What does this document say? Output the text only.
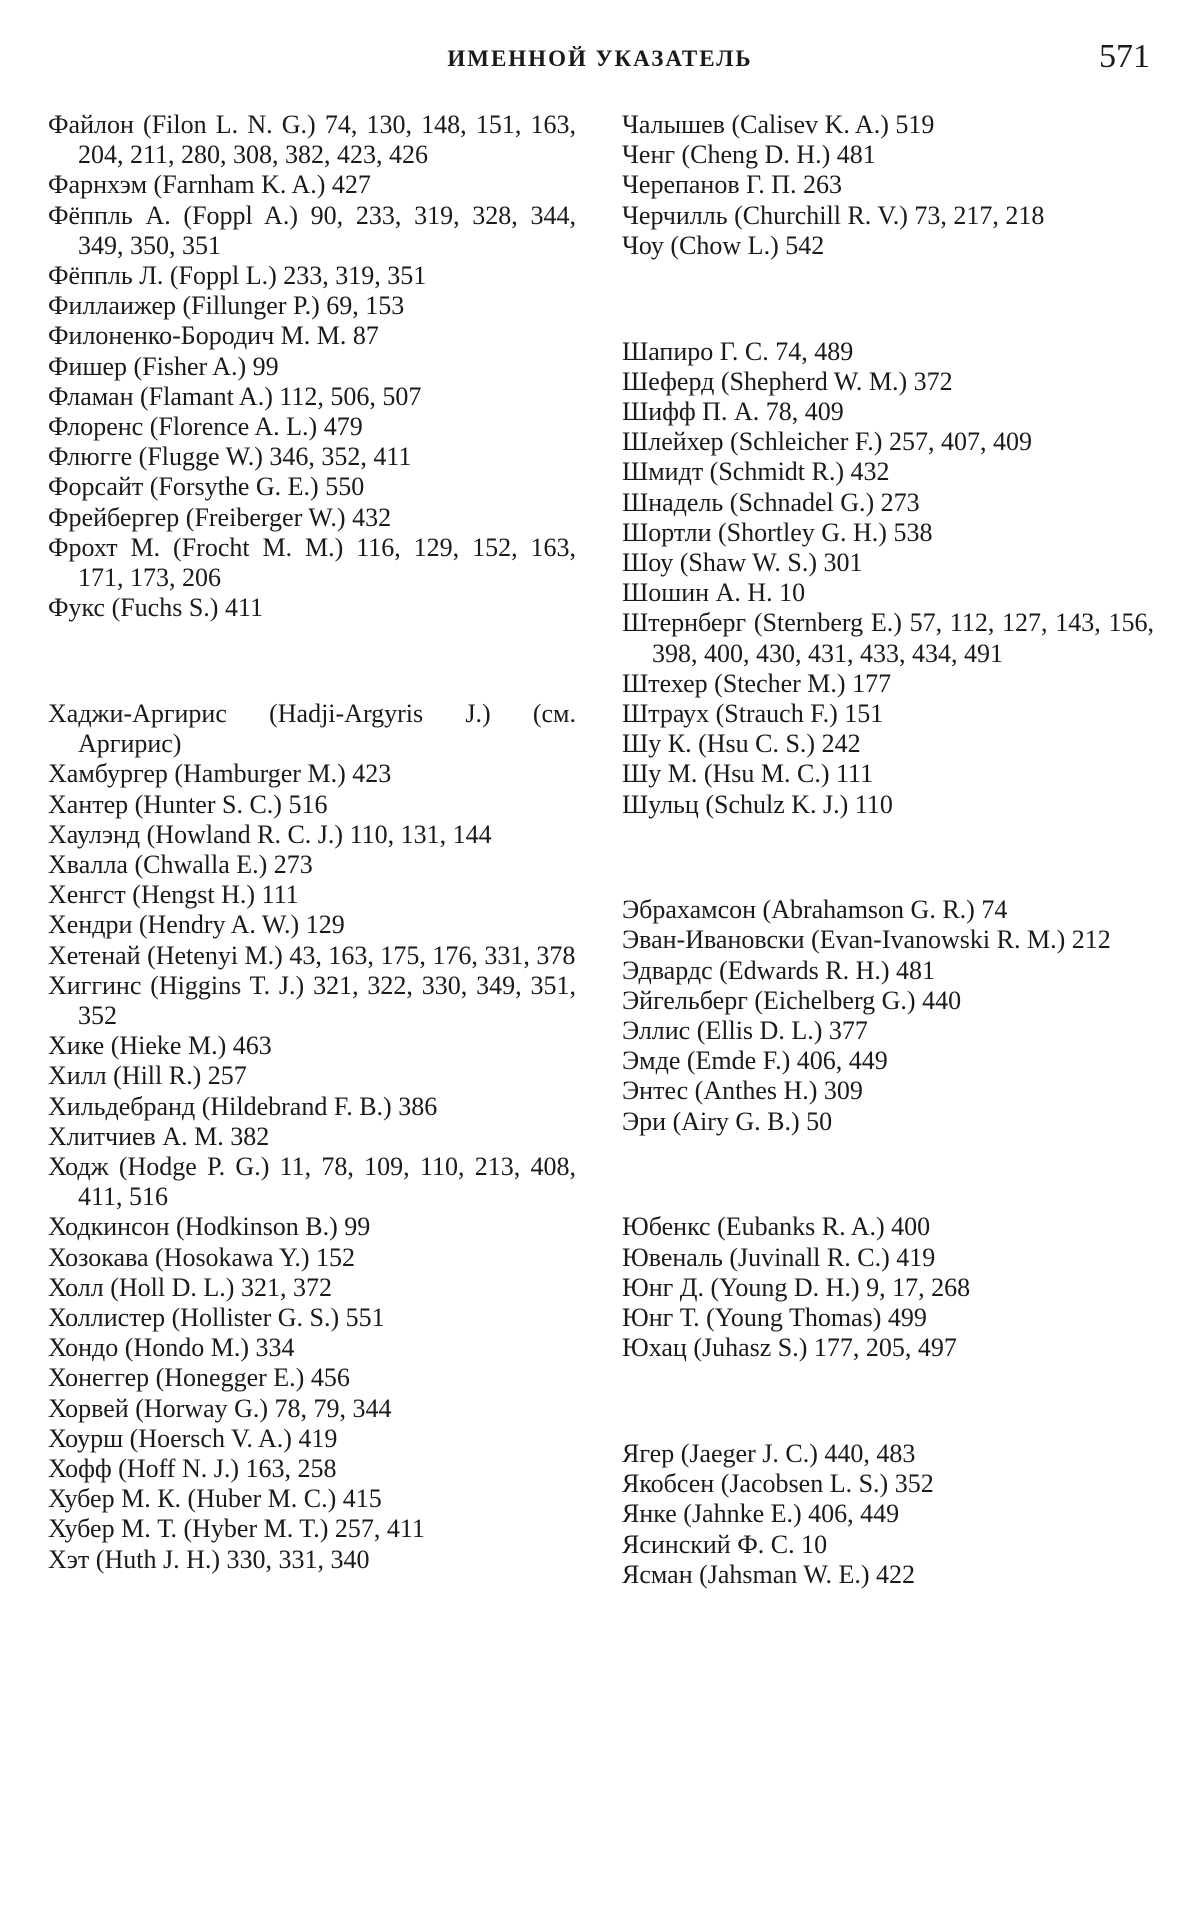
ИМЕННОЙ УКАЗАТЕЛЬ	571
Файлон (Filon L. N. G.) 74, 130, 148, 151, 163, 204, 211, 280, 308, 382, 423, 426
Фарнхэм (Farnham K. A.) 427
Фёппль А. (Foppl A.) 90, 233, 319, 328, 344, 349, 350, 351
Фёппль Л. (Foppl L.) 233, 319, 351
Филлаижер (Fillunger P.) 69, 153
Филоненко-Бородич М. М. 87
Фишер (Fisher A.) 99
Фламан (Flamant A.) 112, 506, 507
Флоренс (Florence A. L.) 479
Флюгге (Flugge W.) 346, 352, 411
Форсайт (Forsythe G. E.) 550
Фрейбергер (Freiberger W.) 432
Фрохт М. (Frocht M. M.) 116, 129, 152, 163, 171, 173, 206
Фукс (Fuchs S.) 411
Хаджи-Аргирис (Hadji-Argyris J.) (см. Аргирис)
Хамбургер (Hamburger M.) 423
Хантер (Hunter S. C.) 516
Хаулэнд (Howland R. C. J.) 110, 131, 144
Хвалла (Chwalla E.) 273
Хенгст (Hengst H.) 111
Хендри (Hendry A. W.) 129
Хетенай (Hetenyi M.) 43, 163, 175, 176, 331, 378
Хиггинс (Higgins T. J.) 321, 322, 330, 349, 351, 352
Хике (Hieke M.) 463
Хилл (Hill R.) 257
Хильдебранд (Hildebrand F. B.) 386
Хлитчиев А. М. 382
Ходж (Hodge P. G.) 11, 78, 109, 110, 213, 408, 411, 516
Ходкинсон (Hodkinson B.) 99
Хозокава (Hosokawa Y.) 152
Холл (Holl D. L.) 321, 372
Холлистер (Hollister G. S.) 551
Хондо (Hondo M.) 334
Хонеггер (Honegger E.) 456
Хорвей (Horway G.) 78, 79, 344
Хоурш (Hoersch V. A.) 419
Хофф (Hoff N. J.) 163, 258
Хубер М. К. (Huber M. C.) 415
Хубер М. Т. (Hyber M. T.) 257, 411
Хэт (Huth J. H.) 330, 331, 340
Чалышев (Calisev K. A.) 519
Ченг (Cheng D. H.) 481
Черепанов Г. П. 263
Черчилль (Churchill R. V.) 73, 217, 218
Чоу (Chow L.) 542
Шапиро Г. С. 74, 489
Шеферд (Shepherd W. M.) 372
Шифф П. А. 78, 409
Шлейхер (Schleicher F.) 257, 407, 409
Шмидт (Schmidt R.) 432
Шнадель (Schnadel G.) 273
Шортли (Shortley G. H.) 538
Шоу (Shaw W. S.) 301
Шошин А. Н. 10
Штернберг (Sternberg E.) 57, 112, 127, 143, 156, 398, 400, 430, 431, 433, 434, 491
Штехер (Stecher M.) 177
Штраух (Strauch F.) 151
Шу К. (Hsu C. S.) 242
Шу М. (Hsu M. C.) 111
Шульц (Schulz K. J.) 110
Эбрахамсон (Abrahamson G. R.) 74
Эван-Ивановски (Evan-Ivanowski R. M.) 212
Эдвардс (Edwards R. H.) 481
Эйгельберг (Eichelberg G.) 440
Эллис (Ellis D. L.) 377
Эмде (Emde F.) 406, 449
Энтес (Anthes H.) 309
Эри (Airy G. B.) 50
Юбенкс (Eubanks R. A.) 400
Ювеналь (Juvinall R. C.) 419
Юнг Д. (Young D. H.) 9, 17, 268
Юнг Т. (Young Thomas) 499
Юхац (Juhasz S.) 177, 205, 497
Ягер (Jaeger J. C.) 440, 483
Якобсен (Jacobsen L. S.) 352
Янке (Jahnke E.) 406, 449
Ясинский Ф. С. 10
Ясман (Jahsman W. E.) 422
